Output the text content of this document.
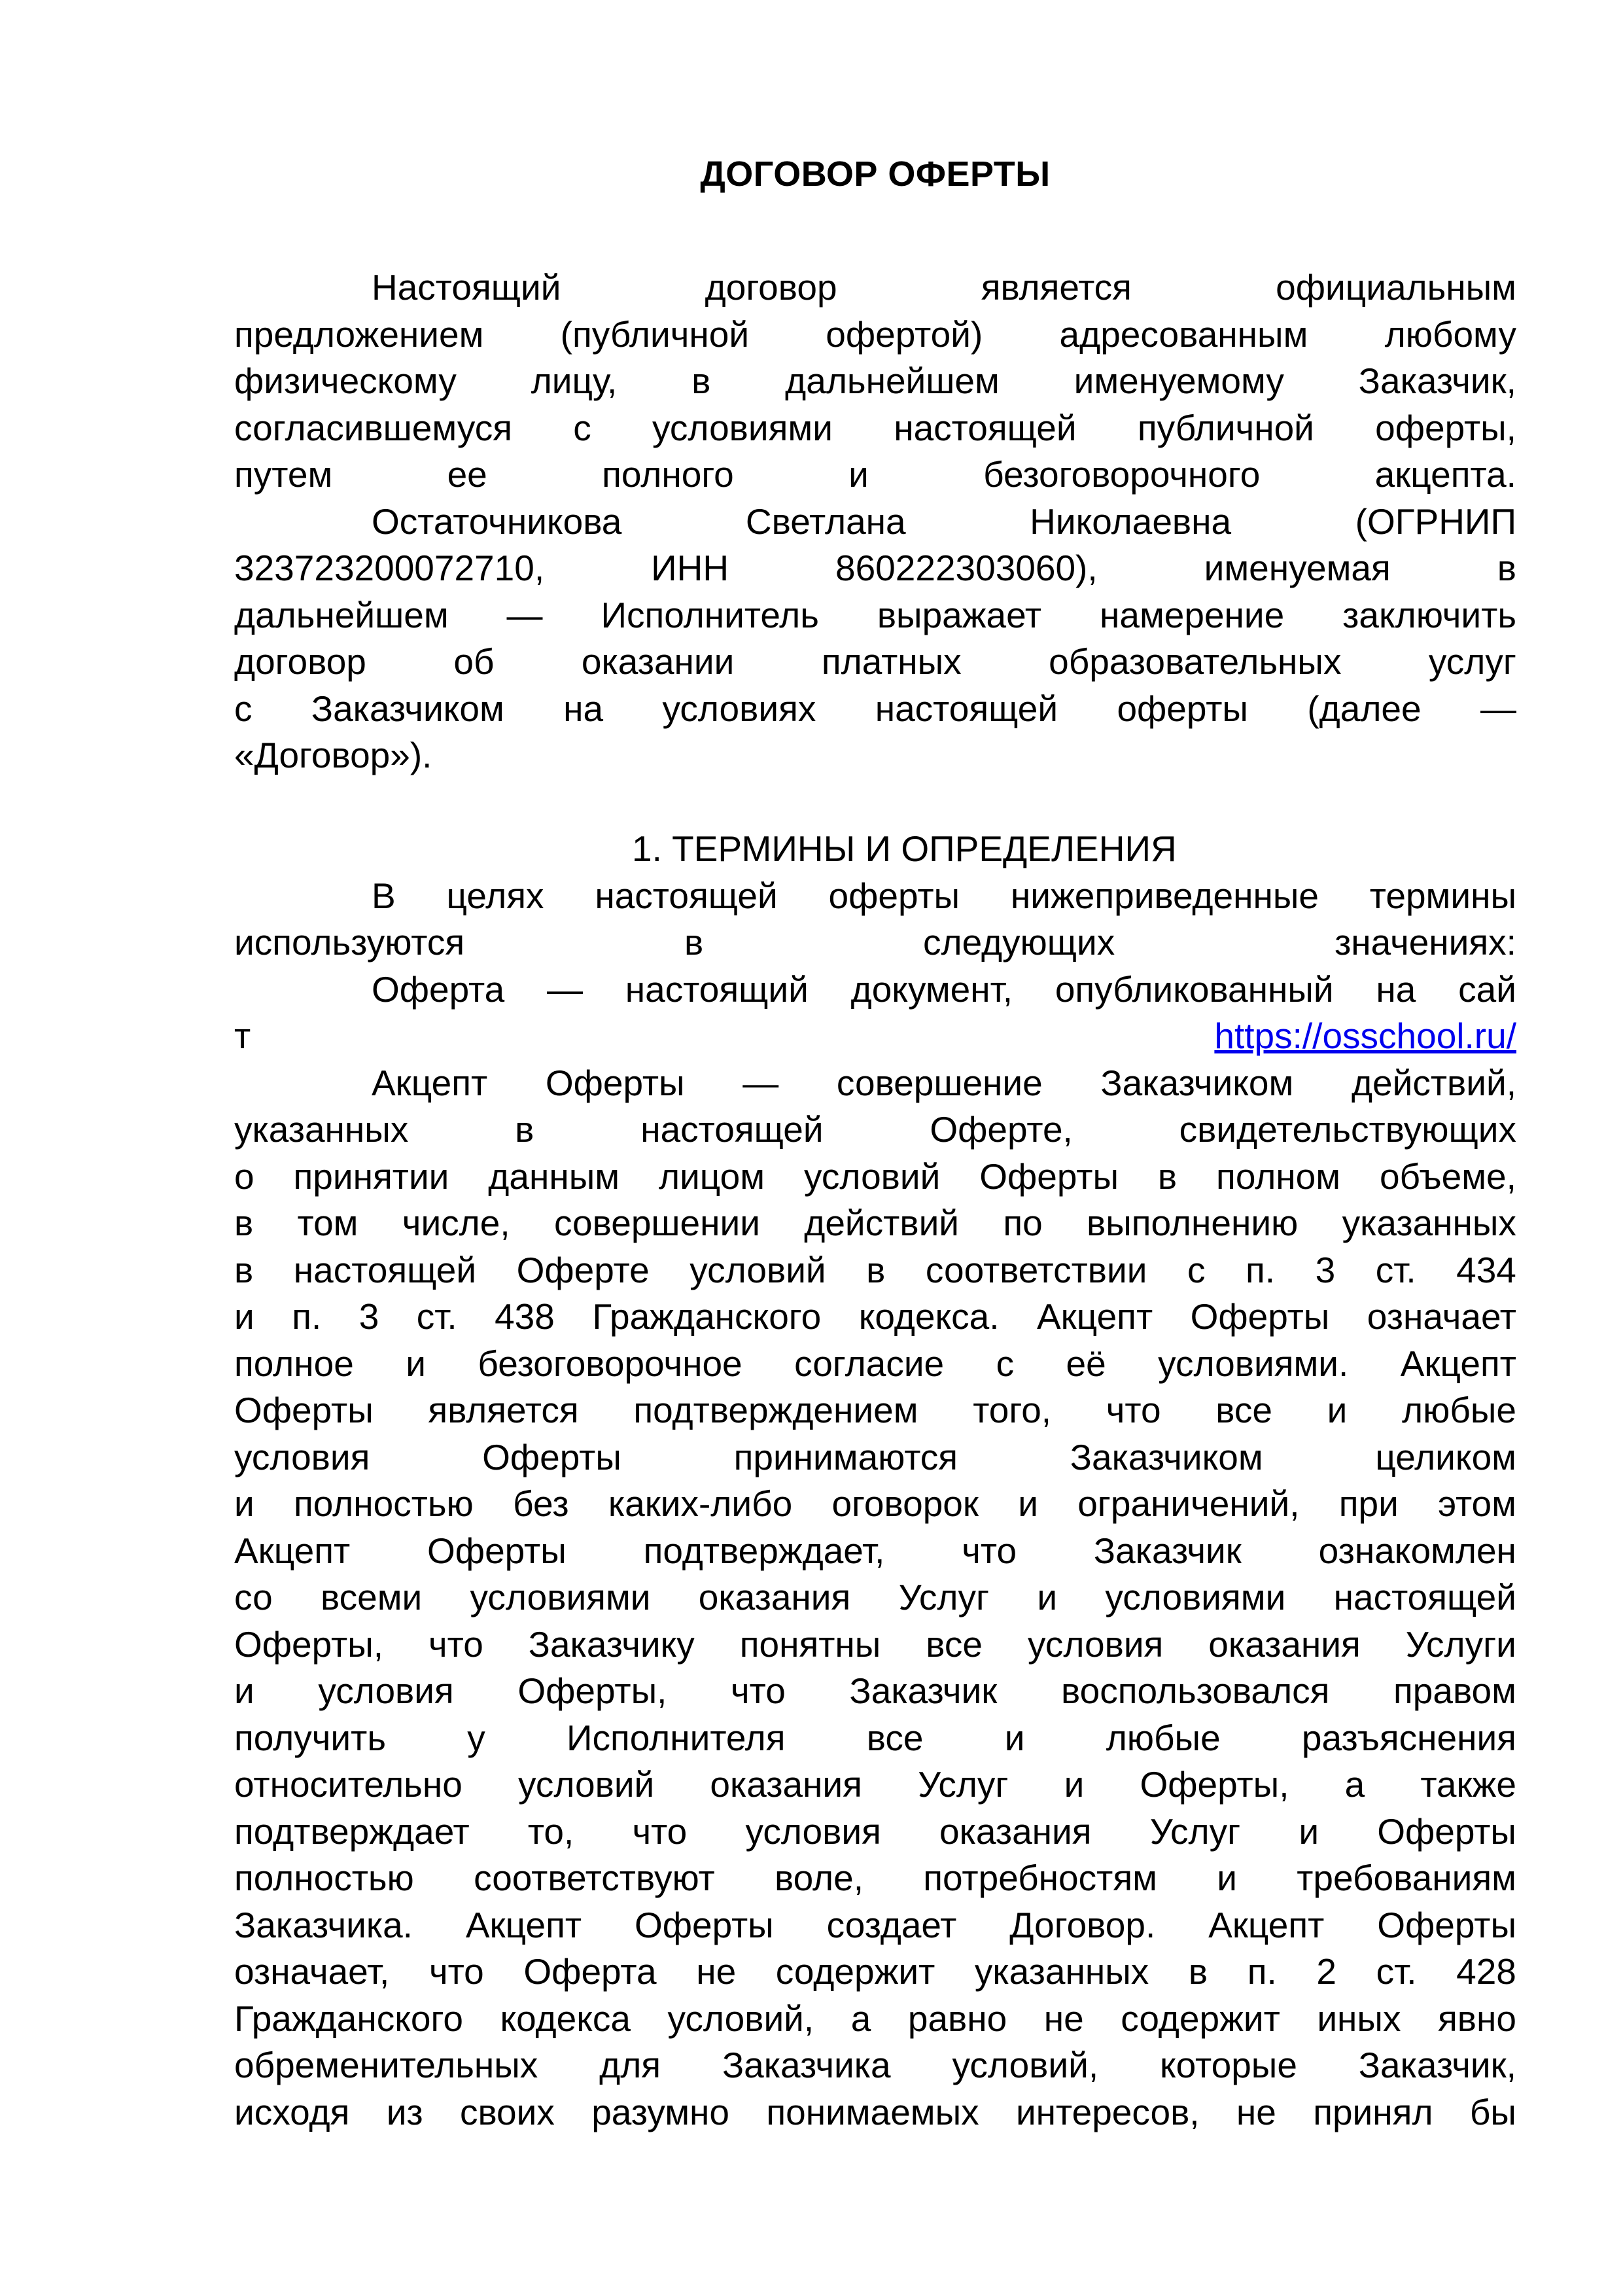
ДОГОВОР ОФЕРТЫ
Настоящий	договор	является	официальным
предложением (публичной офертой) адресованным любому
физическому лицу, в дальнейшем именуемому Заказчик,
согласившемуся с условиями настоящей публичной оферты,
путем	ее	полного	и	безоговорочного	акцепта.
Остаточникова	Светлана	Николаевна	(ОГРНИП
323723200072710,	ИНН	860222303060),	именуемая	в
дальнейшем — Исполнитель выражает намерение заключить
договор об оказании платных образовательных услуг
с Заказчиком на условиях настоящей оферты (далее —
«Договор»).
1. ТЕРМИНЫ И ОПРЕДЕЛЕНИЯ
В целях настоящей оферты нижеприведенные термины
используются	в	следующих	значениях:
Оферта — настоящий документ, опубликованный на сай
т	https://osschool.ru/
Акцепт Оферты — совершение Заказчиком действий,
указанных	в	настоящей	Оферте,	свидетельствующих
о принятии данным лицом условий Оферты в полном объеме,
в том числе, совершении действий по выполнению указанных
в настоящей Оферте условий в соответствии с п. 3 ст. 434
и п. 3 ст. 438 Гражданского кодекса. Акцепт Оферты означает
полное и безоговорочное согласие с её условиями. Акцепт
Оферты является подтверждением того, что все и любые
условия	Оферты	принимаются	Заказчиком	целиком
и полностью без каких-либо оговорок и ограничений, при этом
Акцепт Оферты подтверждает, что Заказчик ознакомлен
со всеми условиями оказания Услуг и условиями настоящей
Оферты, что Заказчику понятны все условия оказания Услуги
и условия Оферты, что Заказчик воспользовался правом
получить у Исполнителя все и любые разъяснения
относительно условий оказания Услуг и Оферты, а также
подтверждает то, что условия оказания Услуг и Оферты
полностью соответствуют воле, потребностям и требованиям
Заказчика. Акцепт Оферты создает Договор. Акцепт Оферты
означает, что Оферта не содержит указанных в п. 2 ст. 428
Гражданского кодекса условий, а равно не содержит иных явно
обременительных для Заказчика условий, которые Заказчик,
исходя из своих разумно понимаемых интересов, не принял бы
